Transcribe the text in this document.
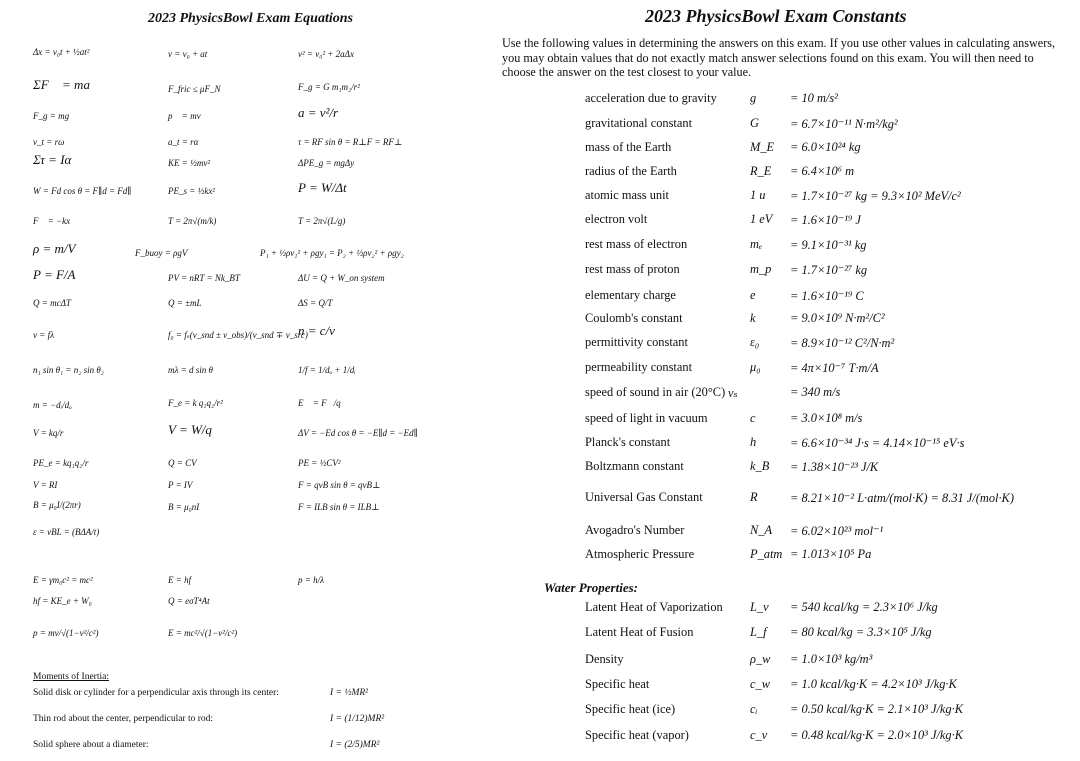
2023 PhysicsBowl Exam Equations
Δx = v₀t + ½at²	v = v₀ + at	v² = v₀² + 2aΔx
ΣF⃗ = ma⃗	F_fric ≤ μF_N	F_g = G m₁m₂/r²
F_g = mg	p⃗ = mv⃗	a = v²/r
v_t = rω	a_t = rα	τ = RF sin θ = R⊥F = RF⊥
Στ = Iα	KE = ½mv²	ΔPE_g = mgΔy
W = Fd cos θ = F∥d = Fd∥	PE_s = ½kx²	P = W/Δt
F⃗ = −kx⃗	T = 2π√(m/k)	T = 2π√(L/g)
ρ = m/V	F_buoy = ρgV	P₁ + ½ρv₁² + ρgy₁ = P₂ + ½ρv₂² + ρgy₂
P = F/A	PV = nRT = Nk_BT	ΔU = Q + W_on system
Q = mcΔT	Q = ±mL	ΔS = Q/T
v = fλ	f₀ = fₛ(v_snd ± v_obs)/(v_snd ∓ v_src)
n = c/v
n₁ sin θ₁ = n₂ sin θ₂	mλ = d sin θ	1/f = 1/dₒ + 1/dᵢ
m = −dᵢ/dₒ	F_e = k q₁q₂/r²	E⃗ = F⃗/q
V = kq/r	V = W/q	ΔV = −Ed cos θ = −E∥d = −Ed∥
PE_e = kq₁q₂/r	Q = CV	PE = ½CV²
V = RI	P = IV	F = qvB sin θ = qvB⊥
B = μ₀I/(2πr)	B = μ₀nI	F = ILB sin θ = ILB⊥
ε = vBL = (BΔA/t)
E = γm₀c² = mc²	E = hf	p = h/λ
hf = KE_e + W₀	Q = eσT⁴At
p = mv/√(1−v²/c²)	E = mc²/√(1−v²/c²)
Moments of Inertia:
Solid disk or cylinder for a perpendicular axis through its center:	I = ½MR²
Thin rod about the center, perpendicular to rod:	I = (1/12)MR²
Solid sphere about a diameter:	I = (2/5)MR²
2023 PhysicsBowl Exam Constants
Use the following values in determining the answers on this exam. If you use other values in calculating answers, you may obtain values that do not exactly match answer selections found on this exam. You will then need to choose the answer on the test closest to your value.
acceleration due to gravity	g	= 10 m/s²
gravitational constant	G	= 6.7×10⁻¹¹ N·m²/kg²
mass of the Earth	M_E = 6.0×10²⁴ kg
radius of the Earth	R_E = 6.4×10⁶ m
atomic mass unit	1 u = 1.7×10⁻²⁷ kg = 9.3×10² MeV/c²
electron volt	1 eV = 1.6×10⁻¹⁹ J
rest mass of electron	mₑ = 9.1×10⁻³¹ kg
rest mass of proton	m_p = 1.7×10⁻²⁷ kg
elementary charge	e	= 1.6×10⁻¹⁹ C
Coulomb's constant	k	= 9.0×10⁹ N·m²/C²
permittivity constant	ε₀ = 8.9×10⁻¹² C²/N·m²
permeability constant	μ₀ = 4π×10⁻⁷ T·m/A
speed of sound in air (20°C) vₛ	= 340 m/s
speed of light in vacuum	c	= 3.0×10⁸ m/s
Planck's constant	h	= 6.6×10⁻³⁴ J·s = 4.14×10⁻¹⁵ eV·s
Boltzmann constant	k_B = 1.38×10⁻²³ J/K
Universal Gas Constant	R	= 8.21×10⁻² L·atm/(mol·K) = 8.31 J/(mol·K)
Avogadro's Number	N_A = 6.02×10²³ mol⁻¹
Atmospheric Pressure	P_atm = 1.013×10⁵ Pa
Water Properties:
Latent Heat of Vaporization L_v = 540 kcal/kg = 2.3×10⁶ J/kg
Latent Heat of Fusion	L_f = 80 kcal/kg = 3.3×10⁵ J/kg
Density	ρ_w = 1.0×10³ kg/m³
Specific heat	c_w = 1.0 kcal/kg·K = 4.2×10³ J/kg·K
Specific heat (ice)	cᵢ	= 0.50 kcal/kg·K = 2.1×10³ J/kg·K
Specific heat (vapor)	c_v = 0.48 kcal/kg·K = 2.0×10³ J/kg·K
